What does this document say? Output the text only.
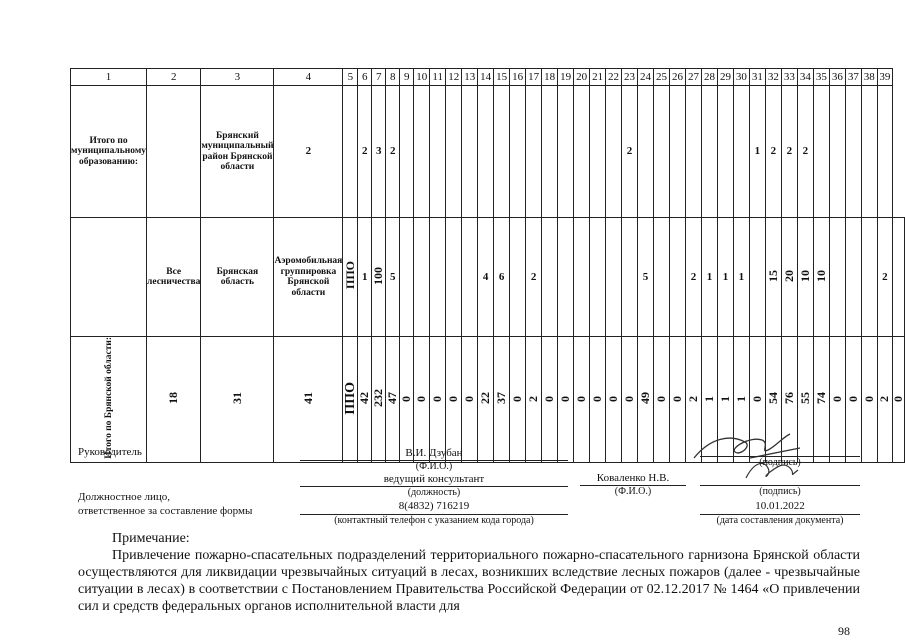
1	2	3	4	5	6	7	8	9	10	11	12	13	14	15	16	17	18	19	20	21	22	23	24	25	26	27	28	29	30	31	32	33	34	35	36	37	38	39	

Итого по муниципальному образованию:		Брянский муниципальный район Брянской области	2		2	3	2															2								1	2	2	2						

	Все лесничества	Брянская область	Аэромобильная группировка Брянской области	ППО	1	100	5						4	6		2							5			2	1	1	1		15	20	10	10				2	
Итого по Брянской области:	18	31	41	ППО	42	232	47	0	0	0	0	0	22	37	0	2	0	0	0	0	0	0	49	0	0	2	1	1	1	0	54	76	55	74	0	0	0	2	0
Руководитель	В.И. Дзубан
(Ф.И.О.)	(подпись)
ведущий консультант
(должность)
Коваленко Н.В.
(Ф.И.О.)	(подпись)
Должностное лицо,
ответственное за составление формы	8(4832) 716219
(контактный телефон с указанием кода города)
10.01.2022
(дата составления документа)
Примечание:
Привлечение пожарно-спасательных подразделений территориального пожарно-спасательного гарнизона Брянской области осуществляются для ликвидации чрезвычайных ситуаций в лесах, возникших вследствие лесных пожаров (далее - чрезвычайные ситуации в лесах) в соответствии с Постановлением Правительства Российской Федерации от 02.12.2017 № 1464 «О привлечении сил и средств федеральных органов исполнительной власти для
98
